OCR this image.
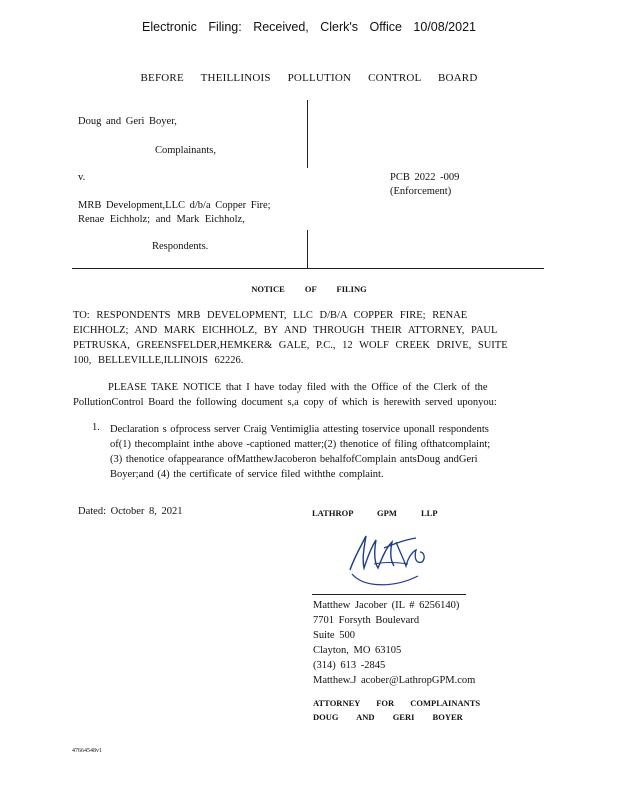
Electronic Filing: Received, Clerk's Office 10/08/2021
BEFORE THEILLINOIS POLLUTION CONTROL BOARD
Doug and Geri Boyer,
Complainants,
v.	PCB 2022 -009
(Enforcement)
MRB Development,LLC d/b/a Copper Fire;
Renae Eichholz; and Mark Eichholz,
Respondents.
NOTICE OF FILING
TO: RESPONDENTS MRB DEVELOPMENT, LLC D/B/A COPPER FIRE; RENAE
EICHHOLZ; AND MARK EICHHOLZ, BY AND THROUGH THEIR ATTORNEY, PAUL
PETRUSKA, GREENSFELDER,HEMKER& GALE, P.C., 12 WOLF CREEK DRIVE, SUITE
100, BELLEVILLE,ILLINOIS 62226.
PLEASE TAKE NOTICE that I have today filed with the Office of the Clerk of the
PollutionControl Board the following document s,a copy of which is herewith served uponyou:
1. Declaration s ofprocess server Craig Ventimiglia attesting toservice uponall respondents
of(1) thecomplaint inthe above -captioned matter;(2) thenotice of filing ofthatcomplaint;
(3) thenotice ofappearance ofMatthewJacoberon behalfofComplain antsDoug andGeri
Boyer;and (4) the certificate of service filed withthe complaint.
Dated: October 8, 2021	LATHROP GPM LLP
Matthew Jacober (IL # 6256140)
7701 Forsyth Boulevard
Suite 500
Clayton, MO 63105
(314) 613 -2845
Matthew.J acober@LathropGPM.com
ATTORNEY FOR COMPLAINANTS
DOUG AND GERI BOYER
47664548v1
